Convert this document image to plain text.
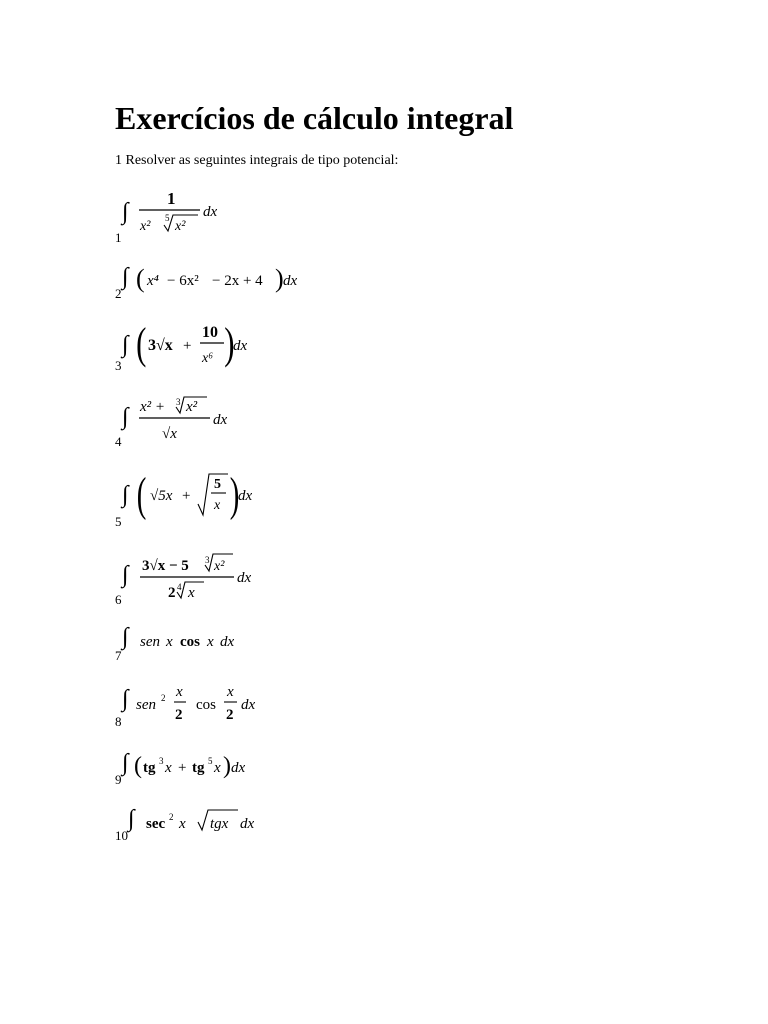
Exercícios de cálculo integral
1 Resolver as seguintes integrais de tipo potencial:
1
∫
1
x²
5
x²
dx
2
∫ ( x⁴ − 6x² − 2x + 4 ) dx
3
∫ ( 3√x +
10
x⁶ )
dx
4
∫ x² + 3 x²
√x
dx
5
∫ ( √5x +
5
x )
dx
6
∫ 3√x − 5 3 x²
2 4 x
dx
7
∫ sen x cos x dx
8
∫ sen 2 x
2
cos
x
2
dx
9
∫ ( tg 3 x + tg 5 x ) dx
10
∫ sec 2 x tgx dx
